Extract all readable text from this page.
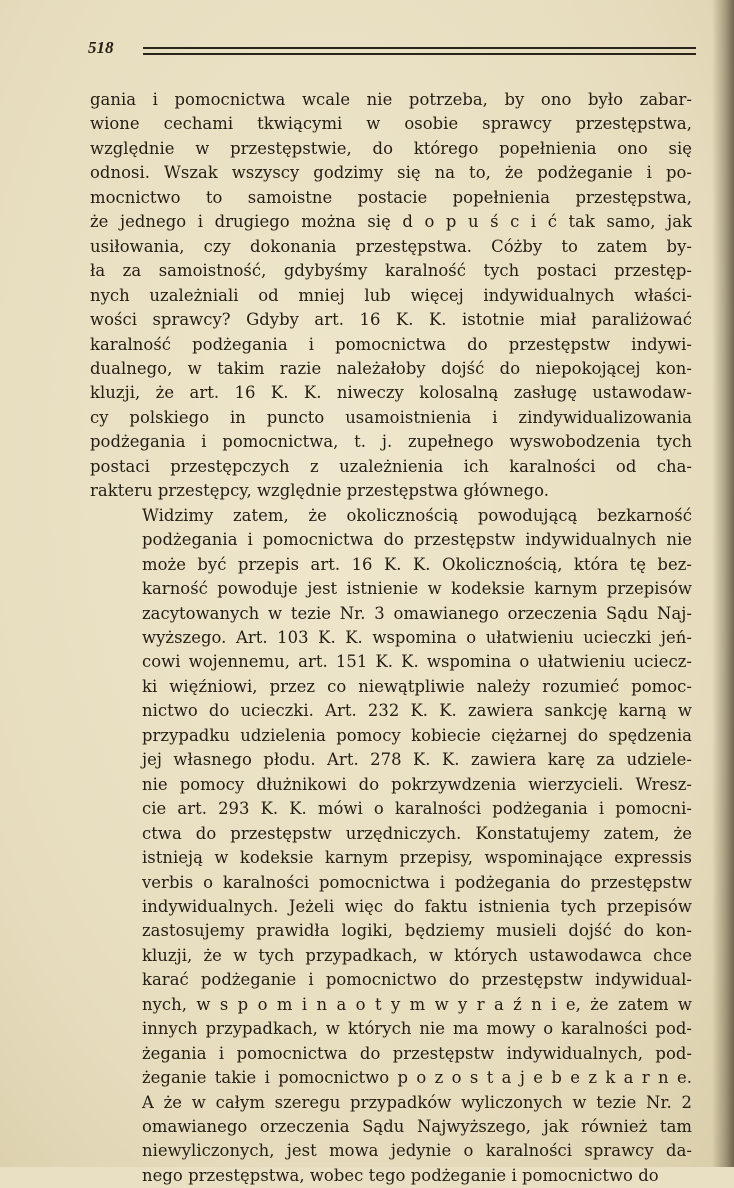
518

gania i pomocnictwa wcale nie potrzeba, by ono było zabar-
wione cechami tkwiącymi w osobie sprawcy przestępstwa,
względnie w przestępstwie, do którego popełnienia ono się
odnosi. Wszak wszyscy godzimy się na to, że podżeganie i po-
mocnictwo to samoistne postacie popełnienia przestępstwa,
że jednego i drugiego można się d o p u ś c i ć tak samo, jak
usiłowania, czy dokonania przestępstwa. Cóżby to zatem by-
ła za samoistność, gdybyśmy karalność tych postaci przestęp-
nych uzależniali od mniej lub więcej indywidualnych właści-
wości sprawcy? Gdyby art. 16 K. K. istotnie miał paraliżować
karalność podżegania i pomocnictwa do przestępstw indywi-
dualnego, w takim razie należałoby dojść do niepokojącej kon-
kluzji, że art. 16 K. K. niweczy kolosalną zasługę ustawodaw-
cy polskiego in puncto usamoistnienia i zindywidualizowania
podżegania i pomocnictwa, t. j. zupełnego wyswobodzenia tych
postaci przestępczych z uzależnienia ich karalności od cha-
rakteru przestępcy, względnie przestępstwa głównego.

Widzimy zatem, że okolicznością powodującą bezkarność
podżegania i pomocnictwa do przestępstw indywidualnych nie
może być przepis art. 16 K. K. Okolicznością, która tę bez-
karność powoduje jest istnienie w kodeksie karnym przepisów
zacytowanych w tezie Nr. 3 omawianego orzeczenia Sądu Naj-
wyższego. Art. 103 K. K. wspomina o ułatwieniu ucieczki jeń-
cowi wojennemu, art. 151 K. K. wspomina o ułatwieniu uciecz-
ki więźniowi, przez co niewątpliwie należy rozumieć pomoc-
nictwo do ucieczki. Art. 232 K. K. zawiera sankcję karną w
przypadku udzielenia pomocy kobiecie ciężarnej do spędzenia
jej własnego płodu. Art. 278 K. K. zawiera karę za udziele-
nie pomocy dłużnikowi do pokrzywdzenia wierzycieli. Wresz-
cie art. 293 K. K. mówi o karalności podżegania i pomocni-
ctwa do przestępstw urzędniczych. Konstatujemy zatem, że
istnieją w kodeksie karnym przepisy, wspominające expressis
verbis o karalności pomocnictwa i podżegania do przestępstw
indywidualnych. Jeżeli więc do faktu istnienia tych przepisów
zastosujemy prawidła logiki, będziemy musieli dojść do kon-
kluzji, że w tych przypadkach, w których ustawodawca chce
karać podżeganie i pomocnictwo do przestępstw indywidual-
nych, w s p o m i n a o t y m w y r a ź n i e, że zatem w
innych przypadkach, w których nie ma mowy o karalności pod-
żegania i pomocnictwa do przestępstw indywidualnych, pod-
żeganie takie i pomocnictwo p o z o s t a j e b e z k a r n e.
A że w całym szeregu przypadków wyliczonych w tezie Nr. 2
omawianego orzeczenia Sądu Najwyższego, jak również tam
niewyliczonych, jest mowa jedynie o karalności sprawcy da-
nego przestępstwa, wobec tego podżeganie i pomocnictwo do
